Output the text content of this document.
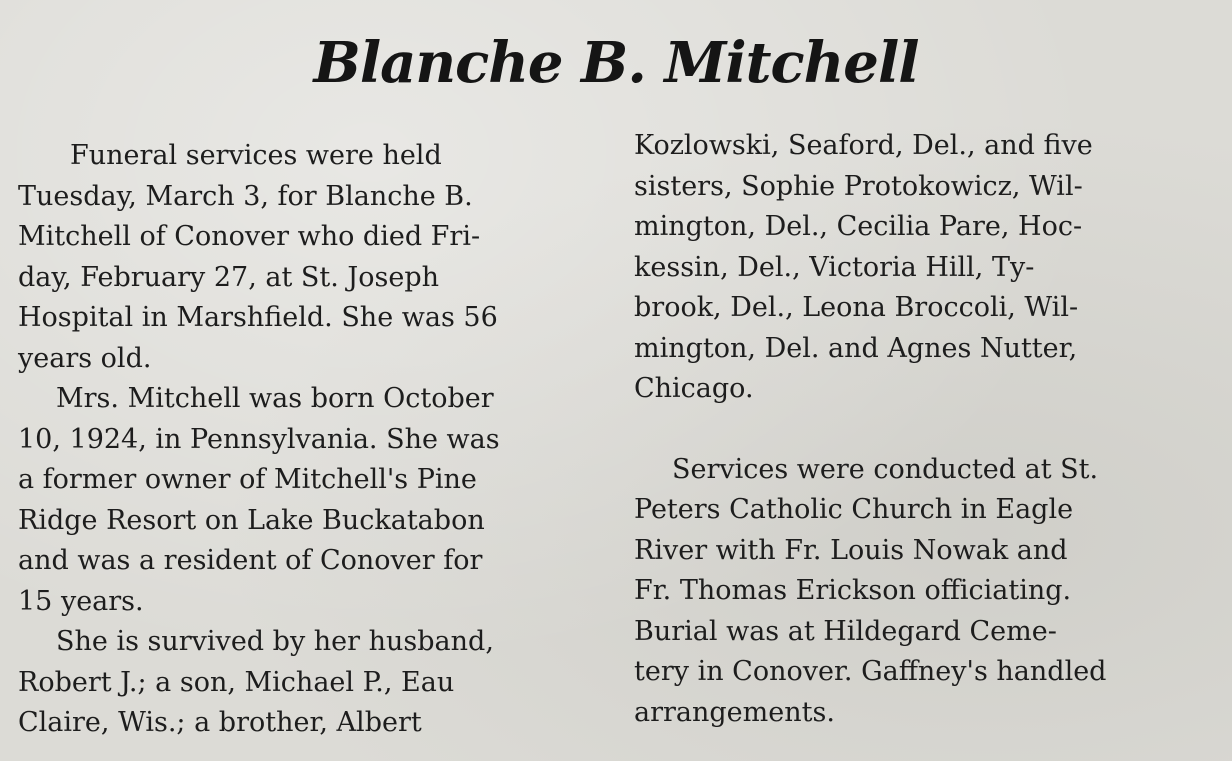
Blanche B. Mitchell
Funeral services were held
Tuesday, March 3, for Blanche B.
Mitchell of Conover who died Fri-
day, February 27, at St. Joseph
Hospital in Marshfield. She was 56
years old.
Mrs. Mitchell was born October
10, 1924, in Pennsylvania. She was
a former owner of Mitchell's Pine
Ridge Resort on Lake Buckatabon
and was a resident of Conover for
15 years.
She is survived by her husband,
Robert J.; a son, Michael P., Eau
Claire, Wis.; a brother, Albert
Kozlowski, Seaford, Del., and five
sisters, Sophie Protokowicz, Wil-
mington, Del., Cecilia Pare, Hoc-
kessin, Del., Victoria Hill, Ty-
brook, Del., Leona Broccoli, Wil-
mington, Del. and Agnes Nutter,
Chicago.
Services were conducted at St.
Peters Catholic Church in Eagle
River with Fr. Louis Nowak and
Fr. Thomas Erickson officiating.
Burial was at Hildegard Ceme-
tery in Conover. Gaffney's handled
arrangements.
